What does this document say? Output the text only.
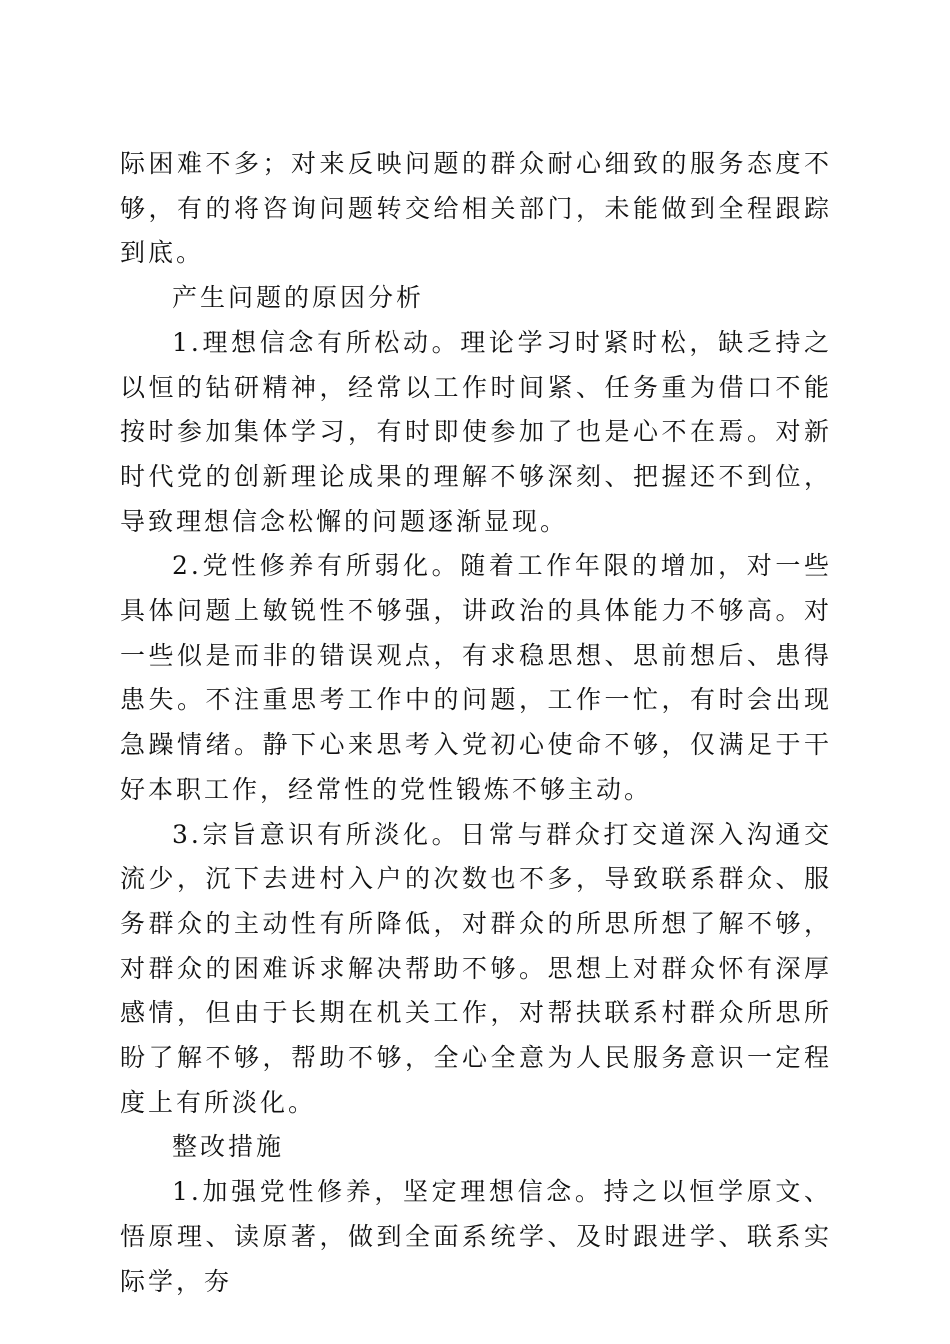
际困难不多；对来反映问题的群众耐心细致的服务态度不够，有的将咨询问题转交给相关部门，未能做到全程跟踪到底。

产生问题的原因分析

1.理想信念有所松动。理论学习时紧时松，缺乏持之以恒的钻研精神，经常以工作时间紧、任务重为借口不能按时参加集体学习，有时即使参加了也是心不在焉。对新时代党的创新理论成果的理解不够深刻、把握还不到位，导致理想信念松懈的问题逐渐显现。

2.党性修养有所弱化。随着工作年限的增加，对一些具体问题上敏锐性不够强，讲政治的具体能力不够高。对一些似是而非的错误观点，有求稳思想、思前想后、患得患失。不注重思考工作中的问题，工作一忙，有时会出现急躁情绪。静下心来思考入党初心使命不够，仅满足于干好本职工作，经常性的党性锻炼不够主动。

3.宗旨意识有所淡化。日常与群众打交道深入沟通交流少，沉下去进村入户的次数也不多，导致联系群众、服务群众的主动性有所降低，对群众的所思所想了解不够，对群众的困难诉求解决帮助不够。思想上对群众怀有深厚感情，但由于长期在机关工作，对帮扶联系村群众所思所盼了解不够，帮助不够，全心全意为人民服务意识一定程度上有所淡化。

整改措施

1.加强党性修养，坚定理想信念。持之以恒学原文、悟原理、读原著，做到全面系统学、及时跟进学、联系实际学，夯
